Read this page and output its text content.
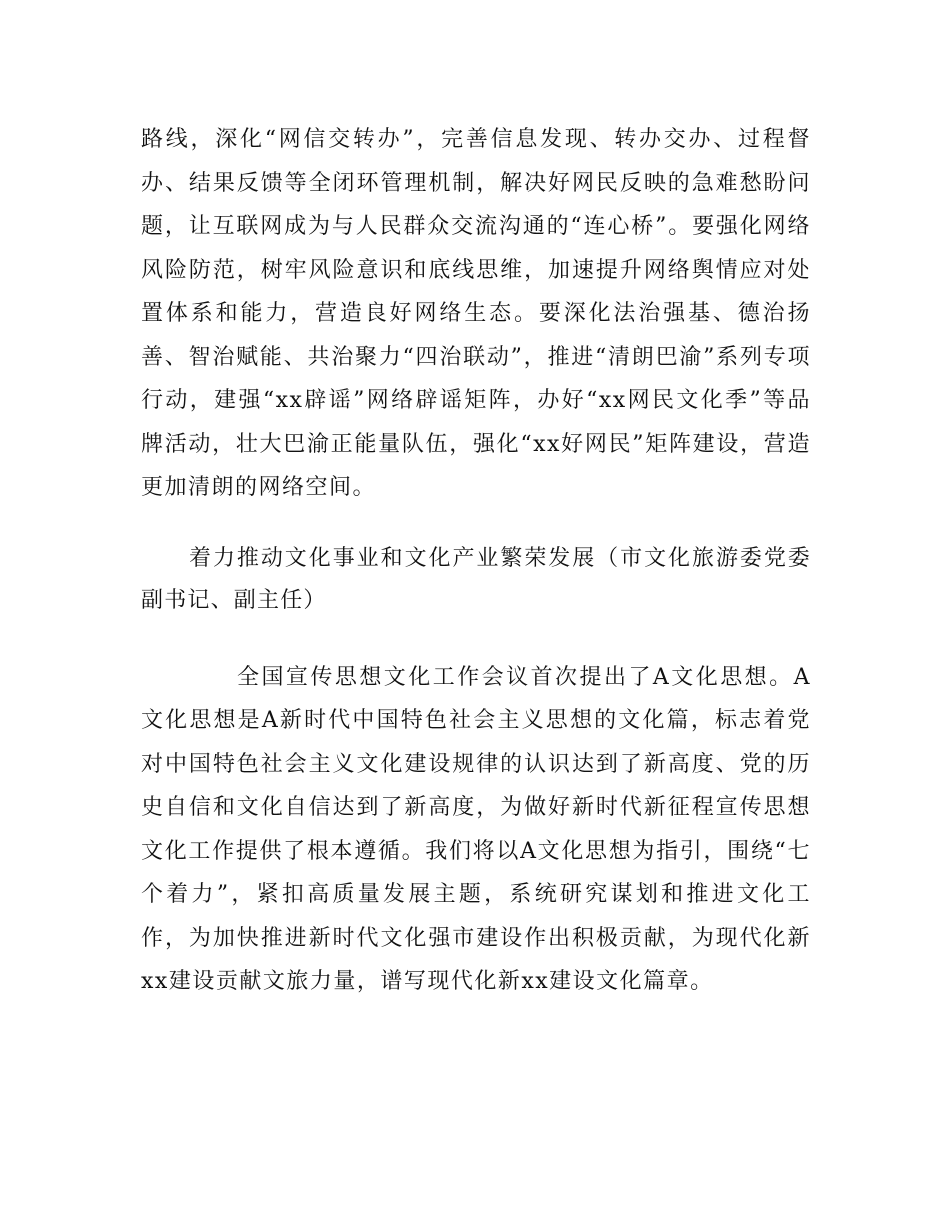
路线，深化“网信交转办”，完善信息发现、转办交办、过程督办、结果反馈等全闭环管理机制，解决好网民反映的急难愁盼问题，让互联网成为与人民群众交流沟通的“连心桥”。要强化网络风险防范，树牢风险意识和底线思维，加速提升网络舆情应对处置体系和能力，营造良好网络生态。要深化法治强基、德治扬善、智治赋能、共治聚力“四治联动”，推进“清朗巴渝”系列专项行动，建强“xx辟谣”网络辟谣矩阵，办好“xx网民文化季”等品牌活动，壮大巴渝正能量队伍，强化“xx好网民”矩阵建设，营造更加清朗的网络空间。

着力推动文化事业和文化产业繁荣发展（市文化旅游委党委副书记、副主任）

全国宣传思想文化工作会议首次提出了A文化思想。A文化思想是A新时代中国特色社会主义思想的文化篇，标志着党对中国特色社会主义文化建设规律的认识达到了新高度、党的历史自信和文化自信达到了新高度，为做好新时代新征程宣传思想文化工作提供了根本遵循。我们将以A文化思想为指引，围绕“七个着力”，紧扣高质量发展主题，系统研究谋划和推进文化工作，为加快推进新时代文化强市建设作出积极贡献，为现代化新xx建设贡献文旅力量，谱写现代化新xx建设文化篇章。
